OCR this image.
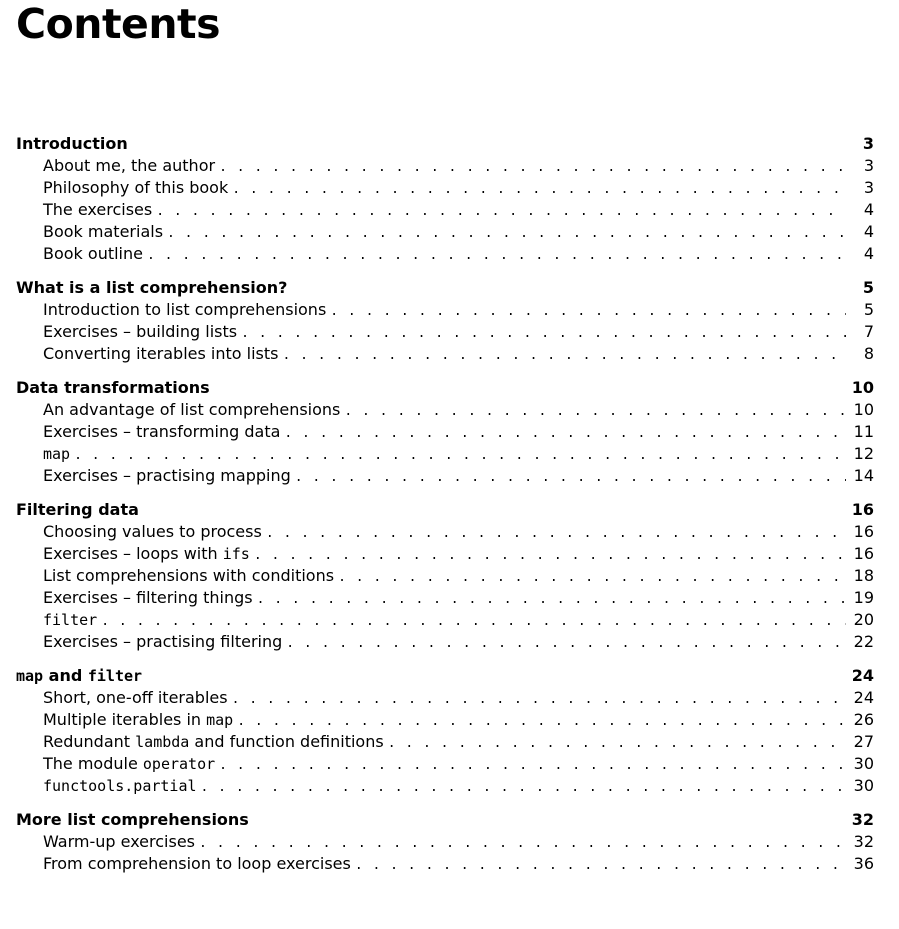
Contents
Introduction	3
About me, the author . . .	3
Philosophy of this book . . .	3
The exercises . . .	4
Book materials . . .	4
Book outline . . .	4
What is a list comprehension?	5
Introduction to list comprehensions . . .	5
Exercises – building lists . . .	7
Converting iterables into lists . . .	8
Data transformations	10
An advantage of list comprehensions . . .	10
Exercises – transforming data . . .	11
map . . .	12
Exercises – practising mapping . . .	14
Filtering data	16
Choosing values to process . . .	16
Exercises – loops with ifs . . .	16
List comprehensions with conditions . . .	18
Exercises – filtering things . . .	19
filter . . .	20
Exercises – practising filtering . . .	22
map and filter	24
Short, one-off iterables . . .	24
Multiple iterables in map . . .	26
Redundant lambda and function definitions . . .	27
The module operator . . .	30
functools.partial . . .	30
More list comprehensions	32
Warm-up exercises . . .	32
From comprehension to loop exercises . . .	36
